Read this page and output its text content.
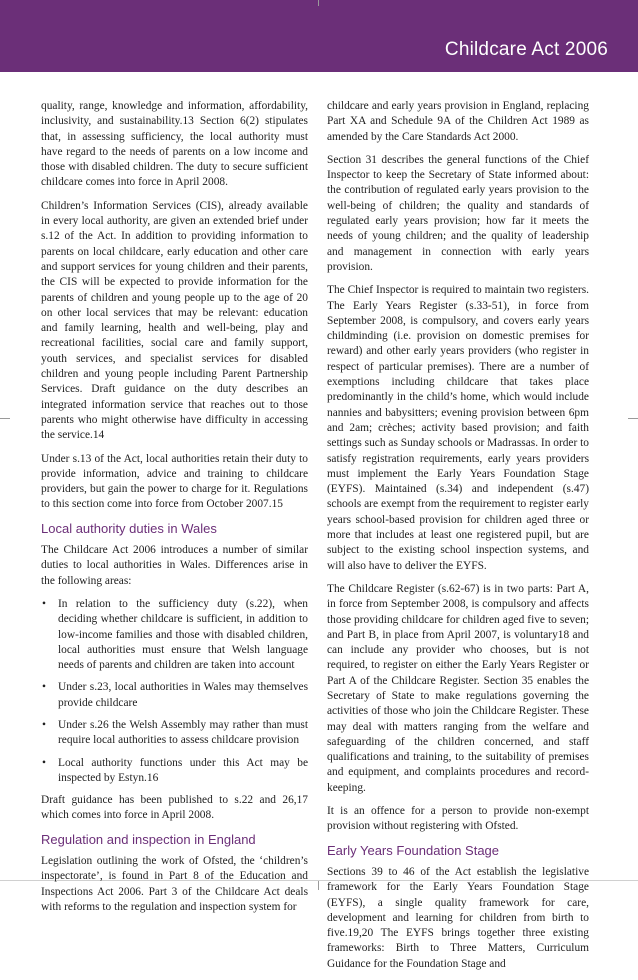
Childcare Act 2006

quality, range, knowledge and information, affordability, inclusivity, and sustainability.13 Section 6(2) stipulates that, in assessing sufficiency, the local authority must have regard to the needs of parents on a low income and those with disabled children. The duty to secure sufficient childcare comes into force in April 2008.

Children’s Information Services (CIS), already available in every local authority, are given an extended brief under s.12 of the Act. In addition to providing information to parents on local childcare, early education and other care and support services for young children and their parents, the CIS will be expected to provide information for the parents of children and young people up to the age of 20 on other local services that may be relevant: education and family learning, health and well-being, play and recreational facilities, social care and family support, youth services, and specialist services for disabled children and young people including Parent Partnership Services. Draft guidance on the duty describes an integrated information service that reaches out to those parents who might otherwise have difficulty in accessing the service.14

Under s.13 of the Act, local authorities retain their duty to provide information, advice and training to childcare providers, but gain the power to charge for it. Regulations to this section come into force from October 2007.15

Local authority duties in Wales

The Childcare Act 2006 introduces a number of similar duties to local authorities in Wales. Differences arise in the following areas:

• In relation to the sufficiency duty (s.22), when deciding whether childcare is sufficient, in addition to low-income families and those with disabled children, local authorities must ensure that Welsh language needs of parents and children are taken into account
• Under s.23, local authorities in Wales may themselves provide childcare
• Under s.26 the Welsh Assembly may rather than must require local authorities to assess childcare provision
• Local authority functions under this Act may be inspected by Estyn.16

Draft guidance has been published to s.22 and 26,17 which comes into force in April 2008.

Regulation and inspection in England

Legislation outlining the work of Ofsted, the ‘children’s inspectorate’, is found in Part 8 of the Education and Inspections Act 2006. Part 3 of the Childcare Act deals with reforms to the regulation and inspection system for

childcare and early years provision in England, replacing Part XA and Schedule 9A of the Children Act 1989 as amended by the Care Standards Act 2000.

Section 31 describes the general functions of the Chief Inspector to keep the Secretary of State informed about: the contribution of regulated early years provision to the well-being of children; the quality and standards of regulated early years provision; how far it meets the needs of young children; and the quality of leadership and management in connection with early years provision.

The Chief Inspector is required to maintain two registers. The Early Years Register (s.33-51), in force from September 2008, is compulsory, and covers early years childminding (i.e. provision on domestic premises for reward) and other early years providers (who register in respect of particular premises). There are a number of exemptions including childcare that takes place predominantly in the child’s home, which would include nannies and babysitters; evening provision between 6pm and 2am; crèches; activity based provision; and faith settings such as Sunday schools or Madrassas. In order to satisfy registration requirements, early years providers must implement the Early Years Foundation Stage (EYFS). Maintained (s.34) and independent (s.47) schools are exempt from the requirement to register early years school-based provision for children aged three or more that includes at least one registered pupil, but are subject to the existing school inspection systems, and will also have to deliver the EYFS.

The Childcare Register (s.62-67) is in two parts: Part A, in force from September 2008, is compulsory and affects those providing childcare for children aged five to seven; and Part B, in place from April 2007, is voluntary18 and can include any provider who chooses, but is not required, to register on either the Early Years Register or Part A of the Childcare Register. Section 35 enables the Secretary of State to make regulations governing the activities of those who join the Childcare Register. These may deal with matters ranging from the welfare and safeguarding of the children concerned, and staff qualifications and training, to the suitability of premises and equipment, and complaints procedures and record-keeping.

It is an offence for a person to provide non-exempt provision without registering with Ofsted.

Early Years Foundation Stage

Sections 39 to 46 of the Act establish the legislative framework for the Early Years Foundation Stage (EYFS), a single quality framework for care, development and learning for children from birth to five.19,20 The EYFS brings together three existing frameworks: Birth to Three Matters, Curriculum Guidance for the Foundation Stage and
